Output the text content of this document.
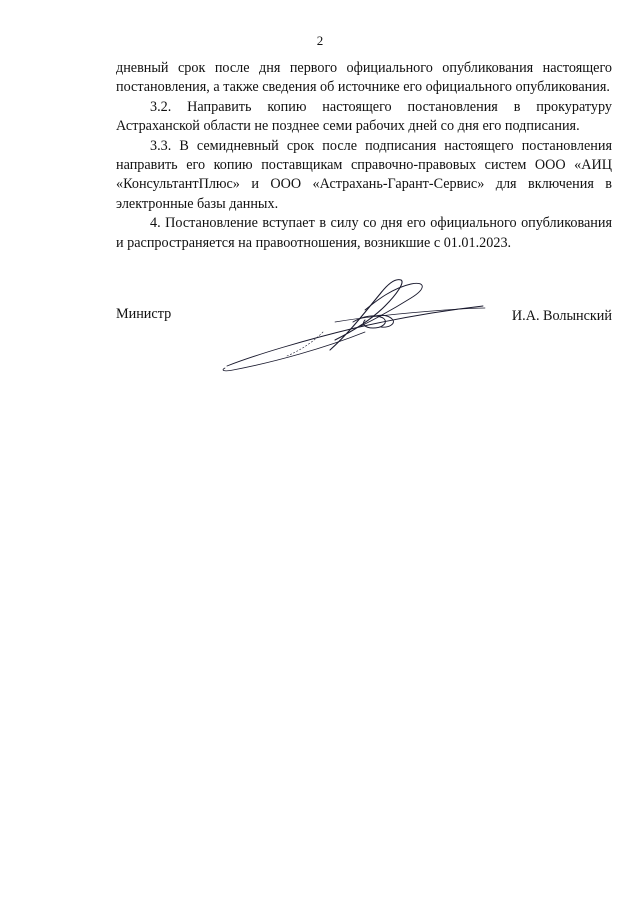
2

дневный срок после дня первого официального опубликования настоящего постановления, а также сведения об источнике его официального опубликования.

3.2. Направить копию настоящего постановления в прокуратуру Астраханской области не позднее семи рабочих дней со дня его подписания.

3.3. В семидневный срок после подписания настоящего постановления направить его копию поставщикам справочно-правовых систем ООО «АИЦ «КонсультантПлюс» и ООО «Астрахань-Гарант-Сервис» для включения в электронные базы данных.

4. Постановление вступает в силу со дня его официального опубликования и распространяется на правоотношения, возникшие с 01.01.2023.

Министр	И.А. Волынский
